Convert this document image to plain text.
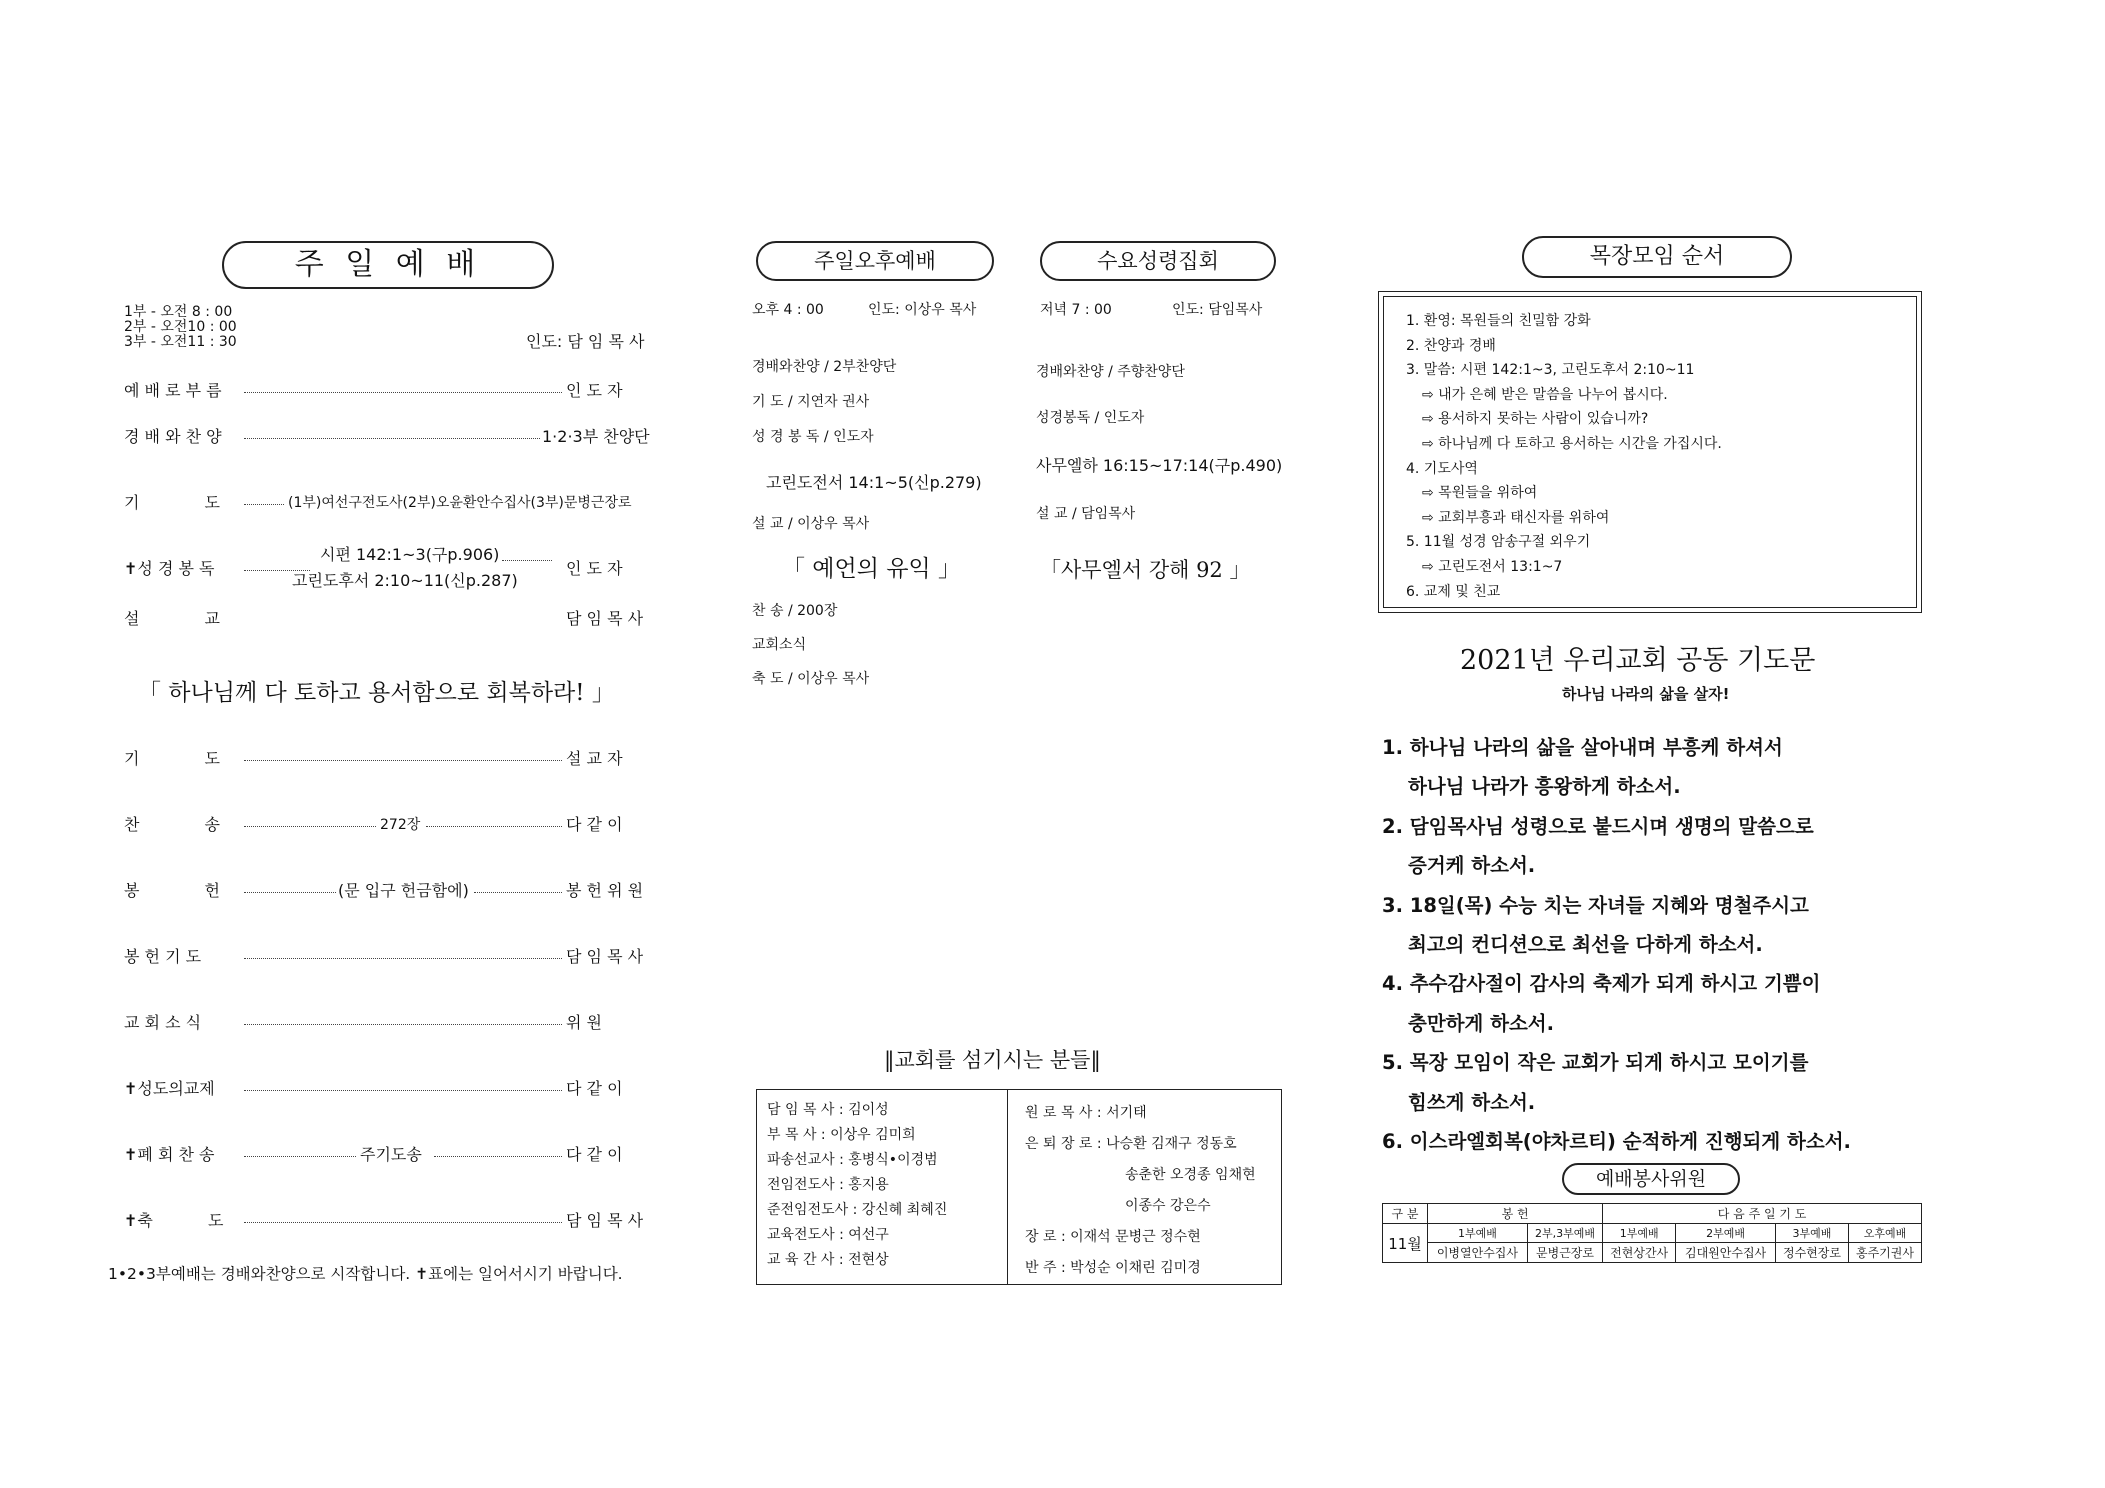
주 일 예 배
1부 - 오전 8 : 00
2부 - 오전10 : 00
3부 - 오전11 : 30	인도: 담 임 목 사
예 배 로 부 름	인 도 자
경 배 와 찬 양	1·2·3부 찬양단
기 도	(1부)여선구전도사(2부)오윤환안수집사(3부)문병근장로
✝성 경 봉 독
시편 142:1~3(구p.906)
고린도후서 2:10~11(신p.287)
인 도 자
설 교	담 임 목 사
「 하나님께 다 토하고 용서함으로 회복하라! 」
기 도	설 교 자
찬 송	272장	다 같 이
봉 헌	(문 입구 헌금함에)	봉 헌 위 원
봉 헌 기 도	담 임 목 사
교 회 소 식	위 원
✝성도의교제	다 같 이
✝폐 회 찬 송	주기도송	다 같 이
✝축 도	담 임 목 사
1•2•3부예배는 경배와찬양으로 시작합니다. ✝표에는 일어서시기 바랍니다.
주일오후예배
오후 4 : 00	인도: 이상우 목사
경배와찬양 / 2부찬양단
기 도 / 지연자 권사
성 경 봉 독 / 인도자
고린도전서 14:1~5(신p.279)
설 교 / 이상우 목사
「 예언의 유익 」
찬 송 / 200장
교회소식
축 도 / 이상우 목사
수요성령집회
저녁 7 : 00	인도: 담임목사
경배와찬양 / 주향찬양단
성경봉독 / 인도자
사무엘하 16:15~17:14(구p.490)
설 교 / 담임목사
「사무엘서 강해 92 」
‖교회를 섬기시는 분들‖
담 임 목 사 : 김이성
부 목 사 : 이상우 김미희
파송선교사 : 홍병식•이경범
전임전도사 : 홍지용
준전임전도사 : 강신혜 최혜진
교육전도사 : 여선구
교 육 간 사 : 전현상
원 로 목 사 : 서기태
은 퇴 장 로 : 나승환 김재구 정동호
송춘한 오경종 임채현
이종수 강은수
장 로 : 이재석 문병근 정수현
반 주 : 박성순 이채린 김미경
목장모임 순서
1. 환영: 목원들의 친밀함 강화
2. 찬양과 경배
3. 말씀: 시편 142:1~3, 고린도후서 2:10~11
⇨ 내가 은혜 받은 말씀을 나누어 봅시다.
⇨ 용서하지 못하는 사람이 있습니까?
⇨ 하나님께 다 토하고 용서하는 시간을 가집시다.
4. 기도사역
⇨ 목원들을 위하여
⇨ 교회부흥과 태신자를 위하여
5. 11월 성경 암송구절 외우기
⇨ 고린도전서 13:1~7
6. 교제 및 친교
2021년 우리교회 공동 기도문
하나님 나라의 삶을 살자!
1. 하나님 나라의 삶을 살아내며 부흥케 하셔서
하나님 나라가 흥왕하게 하소서.
2. 담임목사님 성령으로 붙드시며 생명의 말씀으로
증거케 하소서.
3. 18일(목) 수능 치는 자녀들 지혜와 명철주시고
최고의 컨디션으로 최선을 다하게 하소서.
4. 추수감사절이 감사의 축제가 되게 하시고 기쁨이
충만하게 하소서.
5. 목장 모임이 작은 교회가 되게 하시고 모이기를
힘쓰게 하소서.
6. 이스라엘회복(야차르티) 순적하게 진행되게 하소서.
예배봉사위원
구 분	봉 헌		다 음 주 일 기 도			
11월	1부예배	2부,3부예배	1부예배	2부예배	3부예배	오후예배
	이병열안수집사	문병근장로	전현상간사	김대원안수집사	정수현장로	홍주기권사
